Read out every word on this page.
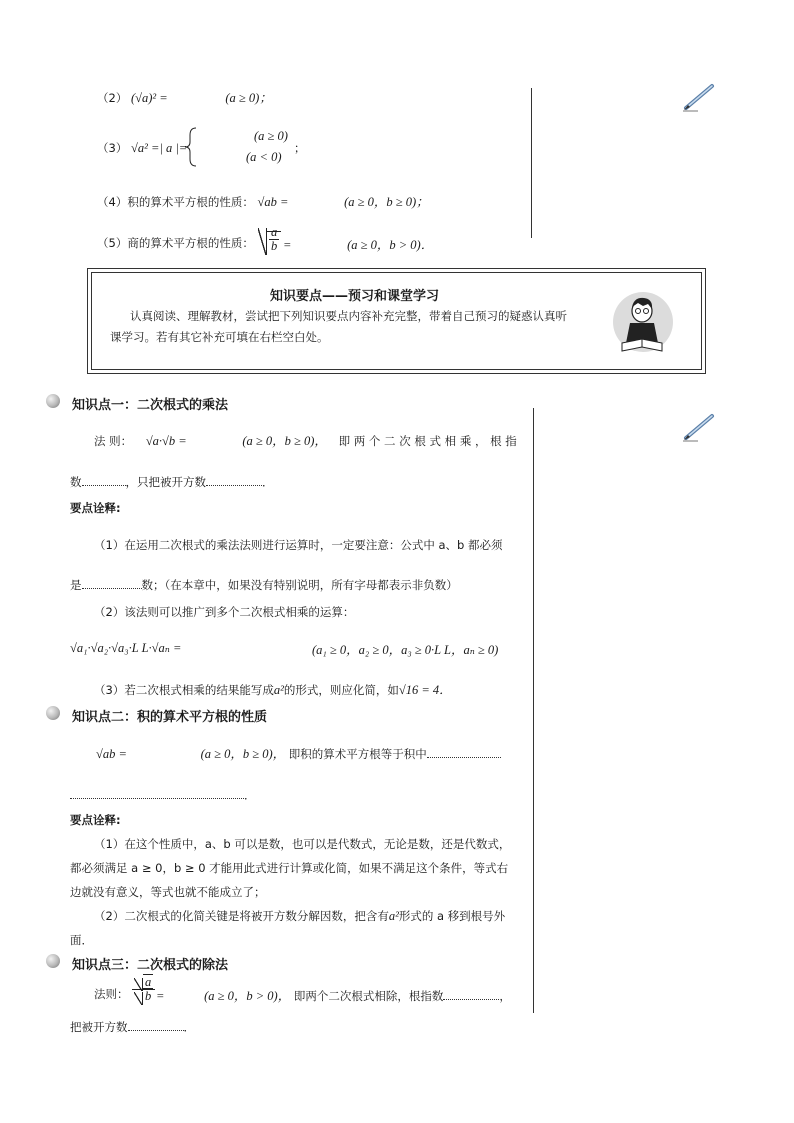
（2） (√a)² =	(a ≥ 0)；
（3） √a² =| a |=
(a ≥ 0)
(a < 0)
；
（4）积的算术平方根的性质： √ab =	(a ≥ 0，b ≥ 0)；
（5）商的算术平方根的性质： $\frac{a}{b}$ =	(a ≥ 0，b > 0)．
知识要点——预习和课堂学习
认真阅读、理解教材，尝试把下列知识要点内容补充完整，带着自己预习的疑惑认真听
课学习。若有其它补充可填在右栏空白处。
知识点一：二次根式的乘法
法 则： √a·√b =	(a ≥ 0，b ≥ 0)， 即 两 个 二 次 根 式 相 乘 ， 根 指
数	，只把被开方数	．
要点诠释:
（1）在运用二次根式的乘法法则进行运算时，一定要注意：公式中 a、b 都必须
是	数；（在本章中，如果没有特别说明，所有字母都表示非负数）
（2）该法则可以推广到多个二次根式相乘的运算：
√a₁·√a₂·√a₃·L L·√aₙ =	(a₁ ≥ 0，a₂ ≥ 0，a₃ ≥ 0·L L，aₙ ≥ 0)
（3）若二次根式相乘的结果能写成a²的形式，则应化简，如√16 = 4．
知识点二：积的算术平方根的性质
√ab =	(a ≥ 0，b ≥ 0)， 即积的算术平方根等于积中
．
要点诠释:
（1）在这个性质中，a、b 可以是数，也可以是代数式，无论是数，还是代数式，
都必须满足 a ≥ 0，b ≥ 0 才能用此式进行计算或化简，如果不满足这个条件，等式右
边就没有意义，等式也就不能成立了；
（2）二次根式的化简关键是将被开方数分解因数，把含有a²形式的 a 移到根号外
面．
知识点三：二次根式的除法
法则： $\frac{a}{b}$ =	(a ≥ 0，b > 0)， 即两个二次根式相除，根指数	，
把被开方数	．
